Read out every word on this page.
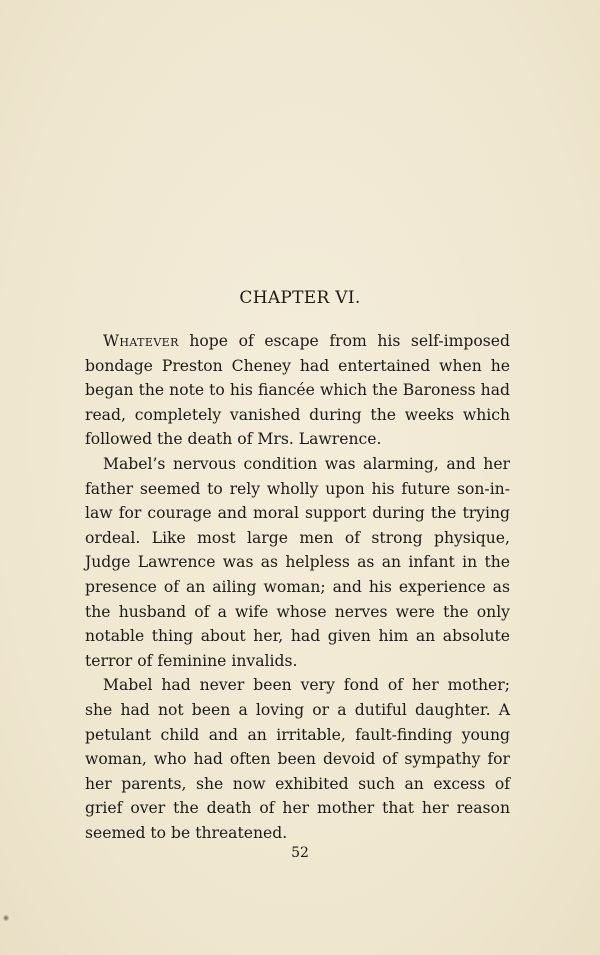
CHAPTER VI.

Whatever hope of escape from his self-imposed bondage Preston Cheney had entertained when he began the note to his fiancée which the Baroness had read, completely vanished during the weeks which followed the death of Mrs. Lawrence.

Mabel’s nervous condition was alarming, and her father seemed to rely wholly upon his future son-in-law for courage and moral support during the trying ordeal. Like most large men of strong physique, Judge Lawrence was as helpless as an infant in the presence of an ailing woman; and his experience as the husband of a wife whose nerves were the only notable thing about her, had given him an absolute terror of feminine invalids.

Mabel had never been very fond of her mother; she had not been a loving or a dutiful daughter. A petulant child and an irritable, fault-finding young woman, who had often been devoid of sympathy for her parents, she now exhibited such an excess of grief over the death of her mother that her reason seemed to be threatened.

52
